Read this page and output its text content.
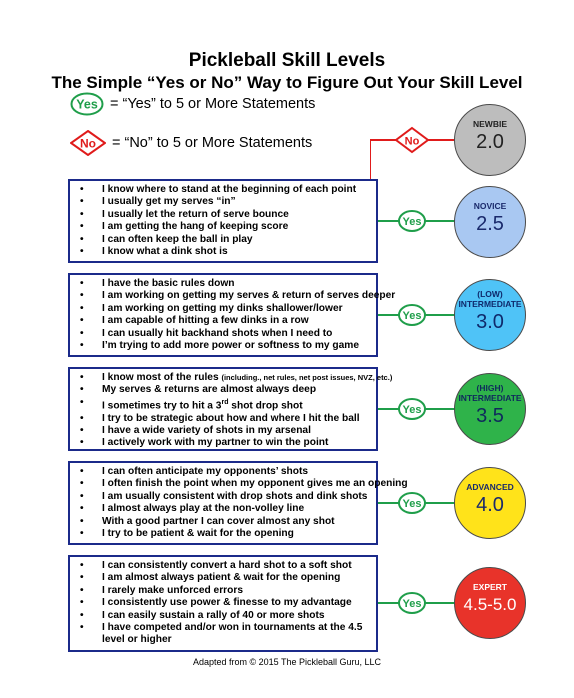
Pickleball Skill Levels
The Simple “Yes or No” Way to Figure Out Your Skill Level
Yes = “Yes” to 5 or More Statements
No = “No” to 5 or More Statements	No
• I know where to stand at the beginning of each point
• I usually get my serves “in”
• I usually let the return of serve bounce
• I am getting the hang of keeping score
• I can often keep the ball in play
• I know what a dink shot is
• I have the basic rules down
• I am working on getting my serves & return of serves deeper
• I am working on getting my dinks shallower/lower
• I am capable of hitting a few dinks in a row
• I can usually hit backhand shots when I need to
• I’m trying to add more power or softness to my game
• I know most of the rules (including., net rules, net post issues, NVZ, etc.)
• My serves & returns are almost always deep
• I sometimes try to hit a 3rd shot drop shot
• I try to be strategic about how and where I hit the ball
• I have a wide variety of shots in my arsenal
• I actively work with my partner to win the point
• I can often anticipate my opponents’ shots
• I often finish the point when my opponent gives me an opening
• I am usually consistent with drop shots and dink shots
• I almost always play at the non-volley line
• With a good partner I can cover almost any shot
• I try to be patient & wait for the opening
• I can consistently convert a hard shot to a soft shot
• I am almost always patient & wait for the opening
• I rarely make unforced errors
• I consistently use power & finesse to my advantage
• I can easily sustain a rally of 40 or more shots
• I have competed and/or won in tournaments at the 4.5 level or higher
Yes
Yes
Yes
Yes
Yes
NEWBIE
2.0
NOVICE
2.5
(LOW)
INTERMEDIATE
3.0
(HIGH)
INTERMEDIATE
3.5
ADVANCED
4.0
EXPERT
4.5-5.0
Adapted from © 2015 The Pickleball Guru, LLC
